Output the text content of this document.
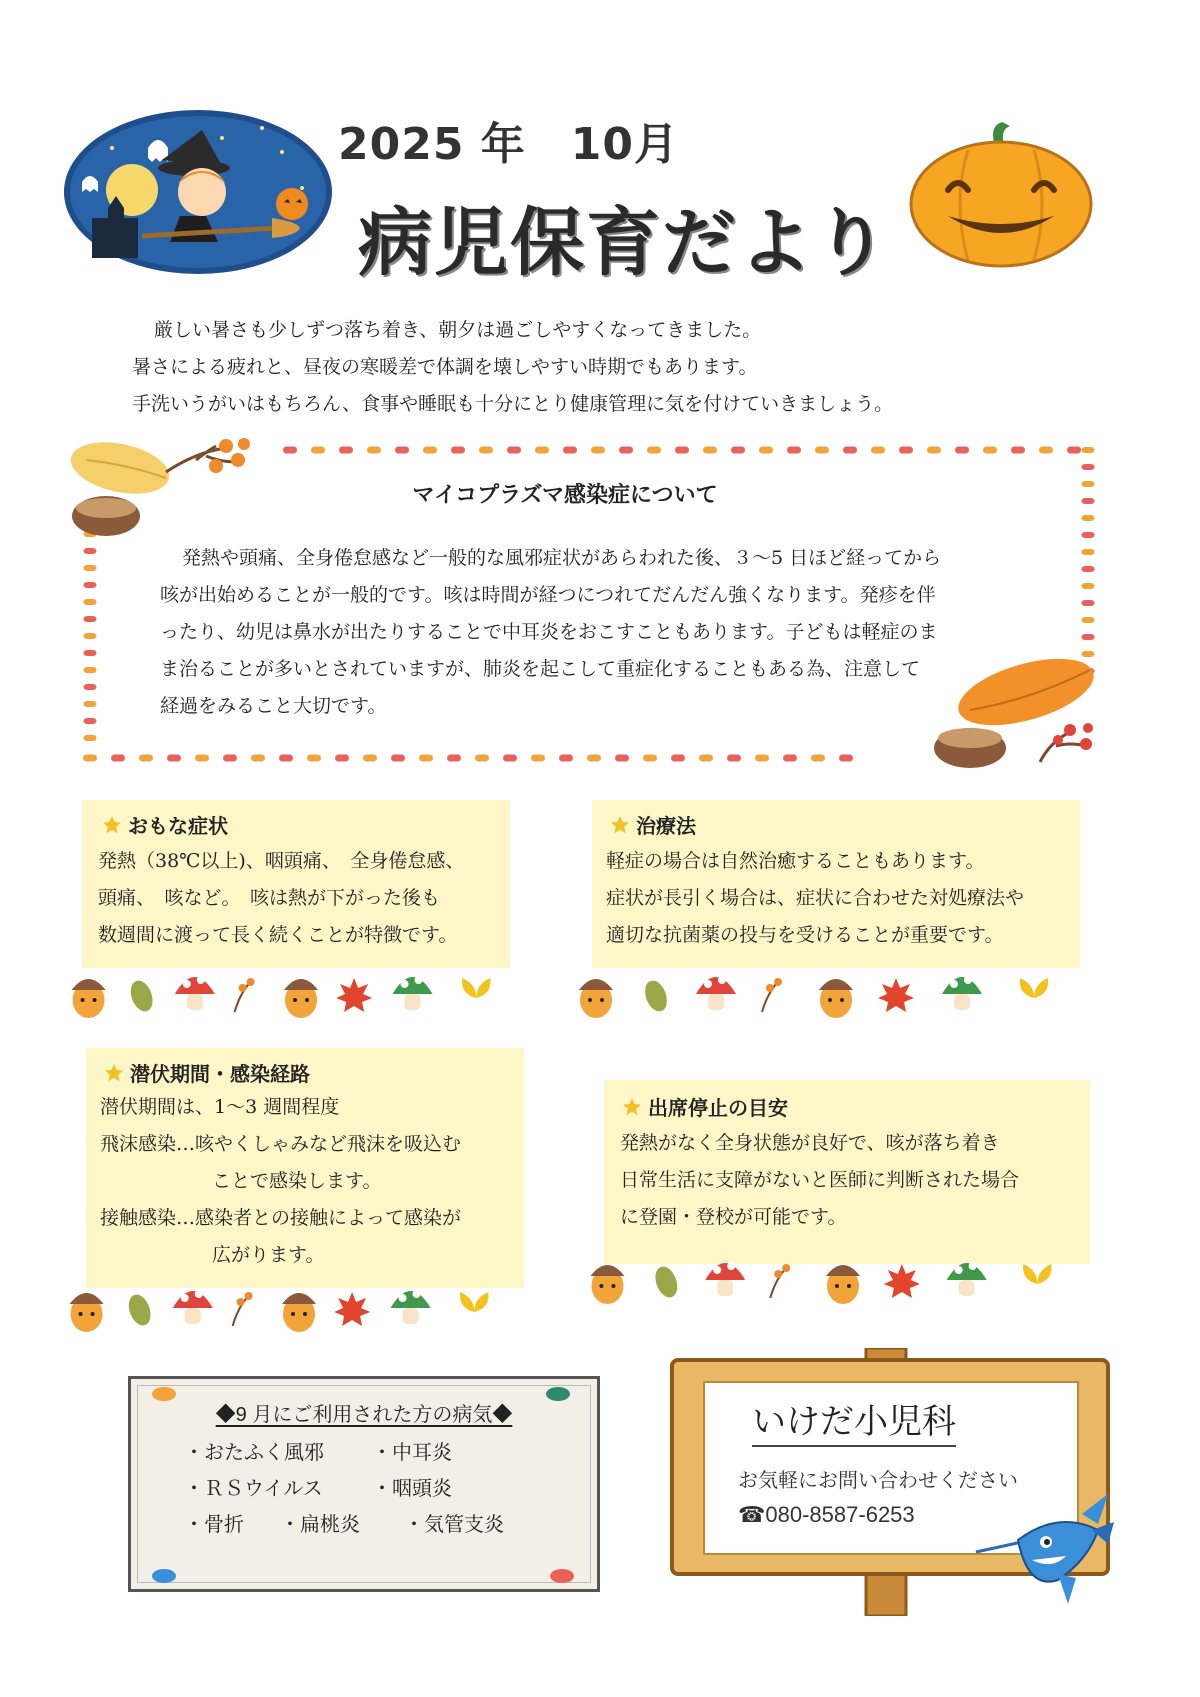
2025 年　10月
病児保育だより

厳しい暑さも少しずつ落ち着き、朝夕は過ごしやすくなってきました。

暑さによる疲れと、昼夜の寒暖差で体調を壊しやすい時期でもあります。

手洗いうがいはもちろん、食事や睡眠も十分にとり健康管理に気を付けていきましょう。

マイコプラズマ感染症について

発熱や頭痛、全身倦怠感など一般的な風邪症状があらわれた後、３～5 日ほど経ってから

咳が出始めることが一般的です。咳は時間が経つにつれてだんだん強くなります。発疹を伴

ったり、幼児は鼻水が出たりすることで中耳炎をおこすこともあります。子どもは軽症のま

ま治ることが多いとされていますが、肺炎を起こして重症化することもある為、注意して

経過をみること大切です。

おもな症状

発熱（38℃以上)、咽頭痛、　全身倦怠感、

頭痛、　咳など。　咳は熱が下がった後も

数週間に渡って長く続くことが特徴です。

治療法

軽症の場合は自然治癒することもあります。

症状が長引く場合は、症状に合わせた対処療法や

適切な抗菌薬の投与を受けることが重要です。

潜伏期間・感染経路

潜伏期間は、1～3 週間程度

飛沫感染…咳やくしゃみなど飛沫を吸込む

ことで感染します。

接触感染…感染者との接触によって感染が

広がります。

出席停止の目安

発熱がなく全身状態が良好で、咳が落ち着き

日常生活に支障がないと医師に判断された場合

に登園・登校が可能です。

◆9 月にご利用された方の病気◆
・おたふく風邪 ・中耳炎
・ＲＳウイルス ・咽頭炎
・骨折 ・扁桃炎 ・気管支炎
いけだ小児科
お気軽にお問い合わせください
☎080-8587-6253
